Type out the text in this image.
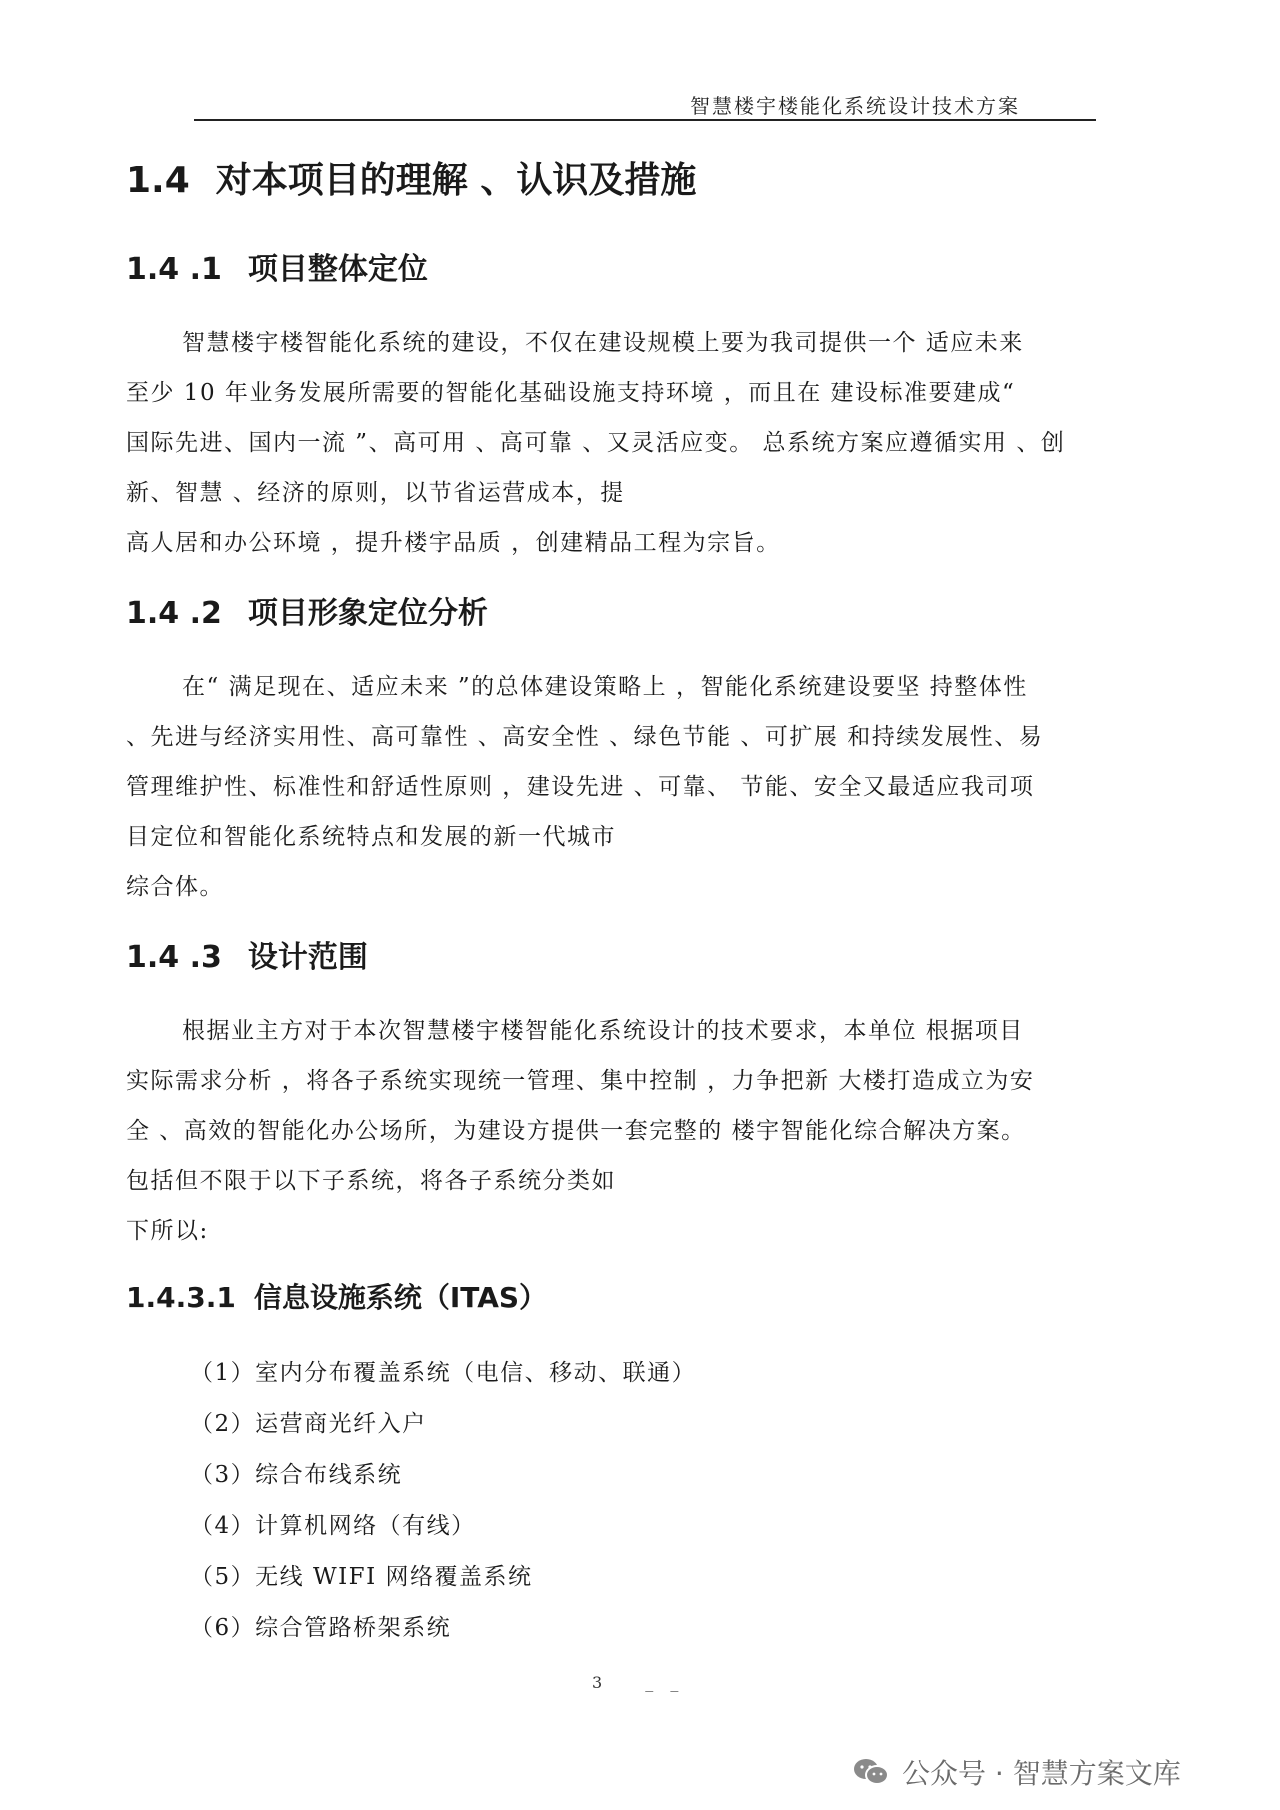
智慧楼宇楼能化系统设计技术方案
1.4 对本项目的理解 、认识及措施
1.4 .1 项目整体定位
智慧楼宇楼智能化系统的建设，不仅在建设规模上要为我司提供一个 适应未来
至少 10 年业务发展所需要的智能化基础设施支持环境 ，而且在 建设标准要建成“
国际先进、国内一流 ”、高可用 、高可靠 、又灵活应变。 总系统方案应遵循实用 、创
新、智慧 、经济的原则，以节省运营成本，提
高人居和办公环境 ，提升楼宇品质 ，创建精品工程为宗旨。
1.4 .2 项目形象定位分析
在“ 满足现在、适应未来 ”的总体建设策略上 ，智能化系统建设要坚 持整体性
、先进与经济实用性、高可靠性 、高安全性 、绿色节能 、可扩展 和持续发展性、易
管理维护性、标准性和舒适性原则 ，建设先进 、可靠、 节能、安全又最适应我司项
目定位和智能化系统特点和发展的新一代城市
综合体。
1.4 .3 设计范围
根据业主方对于本次智慧楼宇楼智能化系统设计的技术要求，本单位 根据项目
实际需求分析 ，将各子系统实现统一管理、集中控制 ，力争把新 大楼打造成立为安
全 、高效的智能化办公场所，为建设方提供一套完整的 楼宇智能化综合解决方案。
包括但不限于以下子系统，将各子系统分类如
下所以:
1.4.3.1 信息设施系统（ITAS）
（1）室内分布覆盖系统（电信、移动、联通）
（2）运营商光纤入户
（3）综合布线系统
（4）计算机网络（有线）
（5）无线 WIFI 网络覆盖系统
（6）综合管路桥架系统
3 _ _
公众号 · 智慧方案文库
